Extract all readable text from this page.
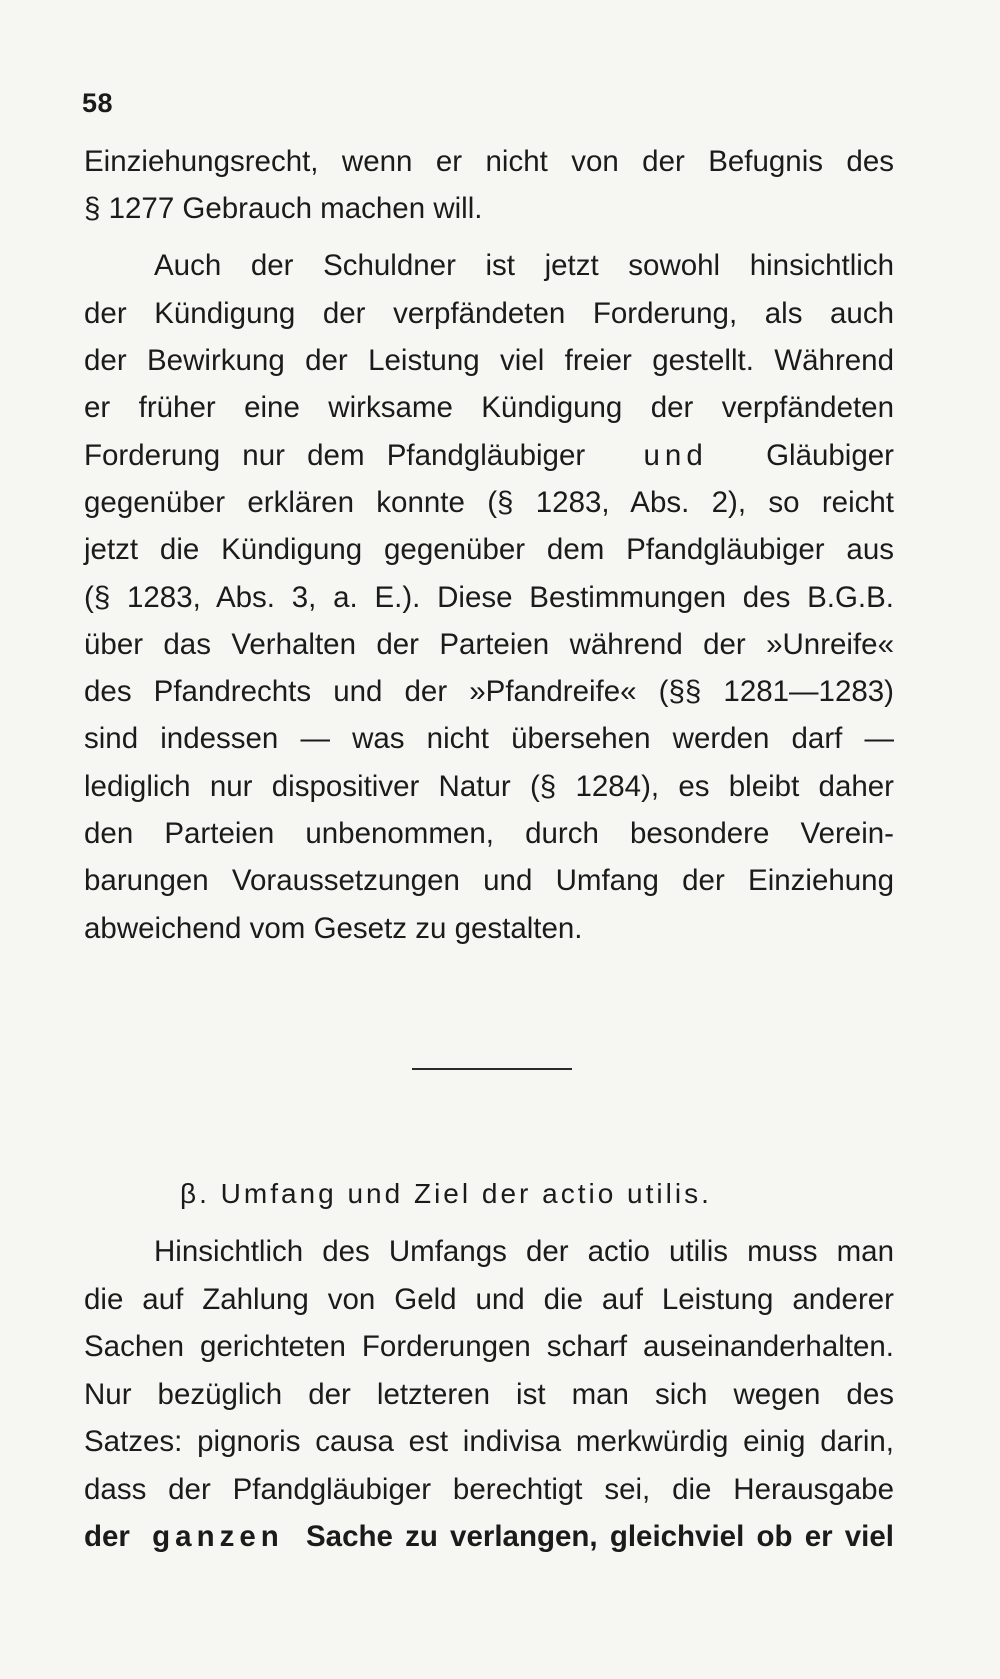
58
Einziehungsrecht, wenn er nicht von der Befugnis des
§ 1277 Gebrauch machen will.
Auch der Schuldner ist jetzt sowohl hinsichtlich
der Kündigung der verpfändeten Forderung, als auch
der Bewirkung der Leistung viel freier gestellt. Während
er früher eine wirksame Kündigung der verpfändeten
Forderung nur dem Pfandgläubiger und Gläubiger
gegenüber erklären konnte (§ 1283, Abs. 2), so reicht
jetzt die Kündigung gegenüber dem Pfandgläubiger aus
(§ 1283, Abs. 3, a. E.). Diese Bestimmungen des B.G.B.
über das Verhalten der Parteien während der »Unreife«
des Pfandrechts und der »Pfandreife« (§§ 1281—1283)
sind indessen — was nicht übersehen werden darf —
lediglich nur dispositiver Natur (§ 1284), es bleibt daher
den Parteien unbenommen, durch besondere Verein-
barungen Voraussetzungen und Umfang der Einziehung
abweichend vom Gesetz zu gestalten.
β. Umfang und Ziel der actio utilis.
Hinsichtlich des Umfangs der actio utilis muss man
die auf Zahlung von Geld und die auf Leistung anderer
Sachen gerichteten Forderungen scharf auseinanderhalten.
Nur bezüglich der letzteren ist man sich wegen des
Satzes: pignoris causa est indivisa merkwürdig einig darin,
dass der Pfandgläubiger berechtigt sei, die Herausgabe
der ganzen Sache zu verlangen, gleichviel ob er viel
